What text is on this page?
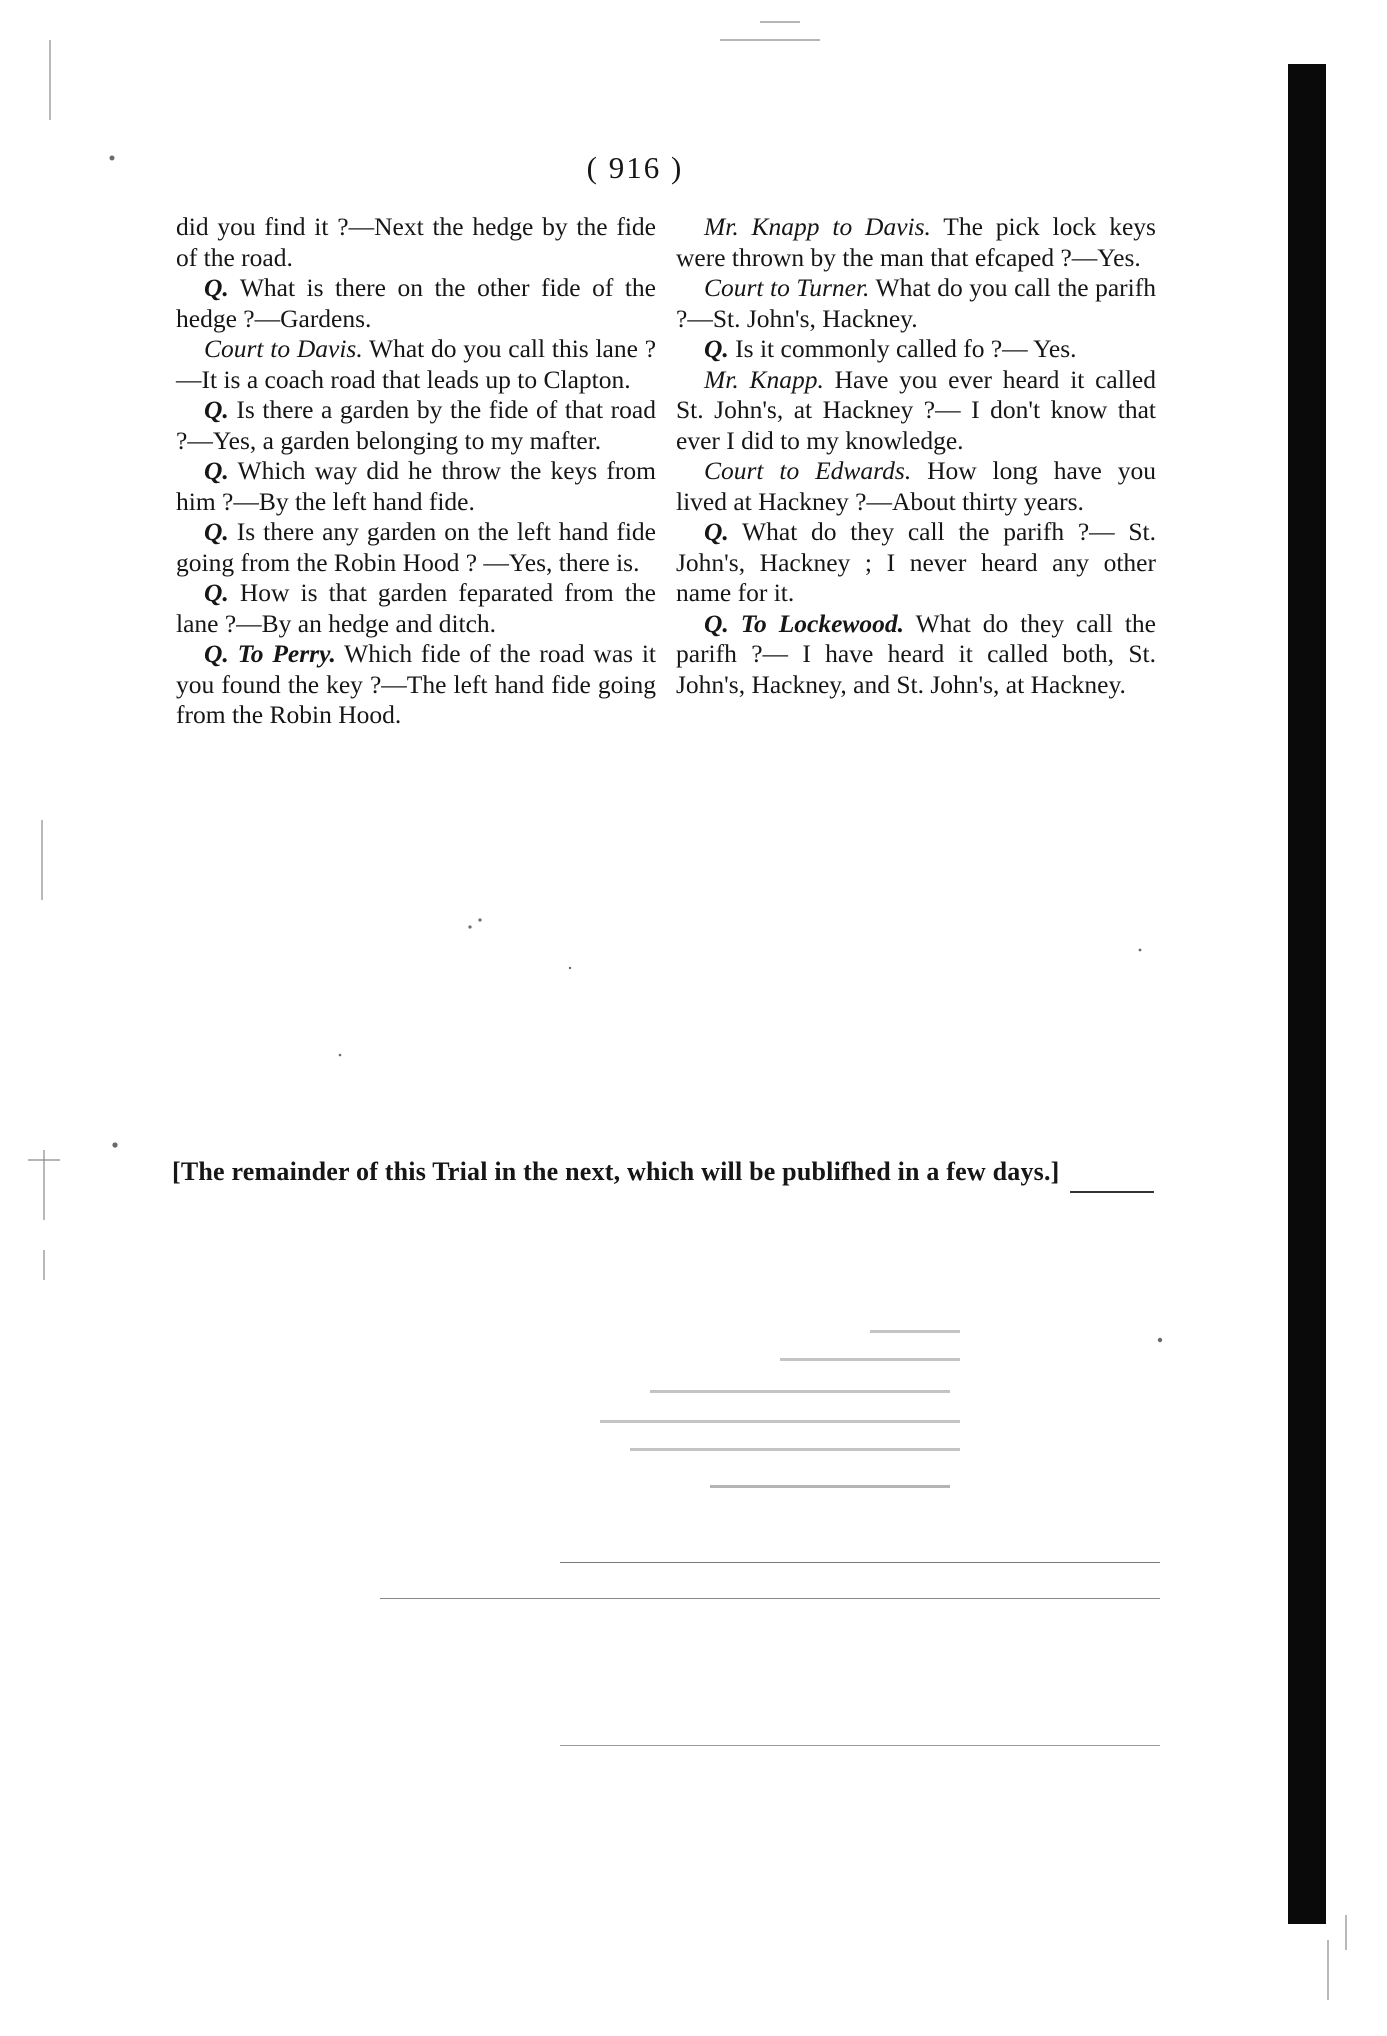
( 916 )

did you find it ?—Next the hedge by the fide of the road.

Q. What is there on the other fide of the hedge ?—Gardens.

Court to Davis. What do you call this lane ?—It is a coach road that leads up to Clapton.

Q. Is there a garden by the fide of that road ?—Yes, a garden belonging to my mafter.

Q. Which way did he throw the keys from him ?—By the left hand fide.

Q. Is there any garden on the left hand fide going from the Robin Hood ? —Yes, there is.

Q. How is that garden feparated from the lane ?—By an hedge and ditch.

Q. To Perry. Which fide of the road was it you found the key ?—The left hand fide going from the Robin Hood.

Mr. Knapp to Davis. The pick lock keys were thrown by the man that efcaped ?—Yes.

Court to Turner. What do you call the parifh ?—St. John's, Hackney.

Q. Is it commonly called fo ?— Yes.

Mr. Knapp. Have you ever heard it called St. John's, at Hackney ?— I don't know that ever I did to my knowledge.

Court to Edwards. How long have you lived at Hackney ?—About thirty years.

Q. What do they call the parifh ?— St. John's, Hackney ; I never heard any other name for it.

Q. To Lockewood. What do they call the parifh ?— I have heard it called both, St. John's, Hackney, and St. John's, at Hackney.

[The remainder of this Trial in the next, which will be publifhed in a few days.]
